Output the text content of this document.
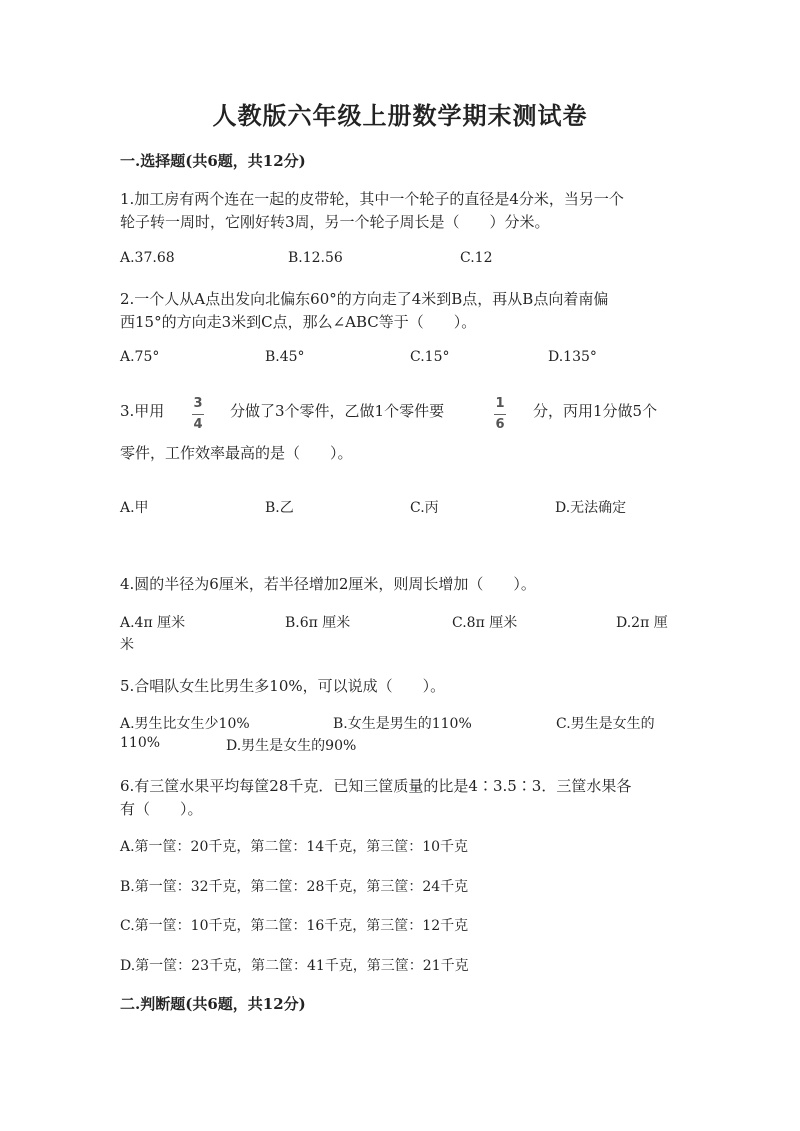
人教版六年级上册数学期末测试卷
一.选择题(共6题，共12分)
1.加工房有两个连在一起的皮带轮，其中一个轮子的直径是4分米，当另一个
轮子转一周时，它刚好转3周，另一个轮子周长是（　　）分米。
A.37.68	B.12.56	C.12
2.一个人从A点出发向北偏东60°的方向走了4米到B点，再从B点向着南偏
西15°的方向走3米到C点，那么∠ABC等于（　　）。
A.75°	B.45°	C.15°	D.135°
3.甲用 3
4
分做了3个零件，乙做1个零件要	1
6
分，丙用1分做5个
零件，工作效率最高的是（　　）。
A.甲	B.乙	C.丙	D.无法确定
4.圆的半径为6厘米，若半径增加2厘米，则周长增加（　　）。
A.4π 厘米	B.6π 厘米	C.8π 厘米	D.2π 厘
米
5.合唱队女生比男生多10%，可以说成（　　）。
A.男生比女生少10%	B.女生是男生的110%	C.男生是女生的
110%	D.男生是女生的90%
6.有三筐水果平均每筐28千克．已知三筐质量的比是4∶3.5∶3．三筐水果各
有（　　）。
A.第一筐：20千克，第二筐：14千克，第三筐：10千克
B.第一筐：32千克，第二筐：28千克，第三筐：24千克
C.第一筐：10千克，第二筐：16千克，第三筐：12千克
D.第一筐：23千克，第二筐：41千克，第三筐：21千克
二.判断题(共6题，共12分)
